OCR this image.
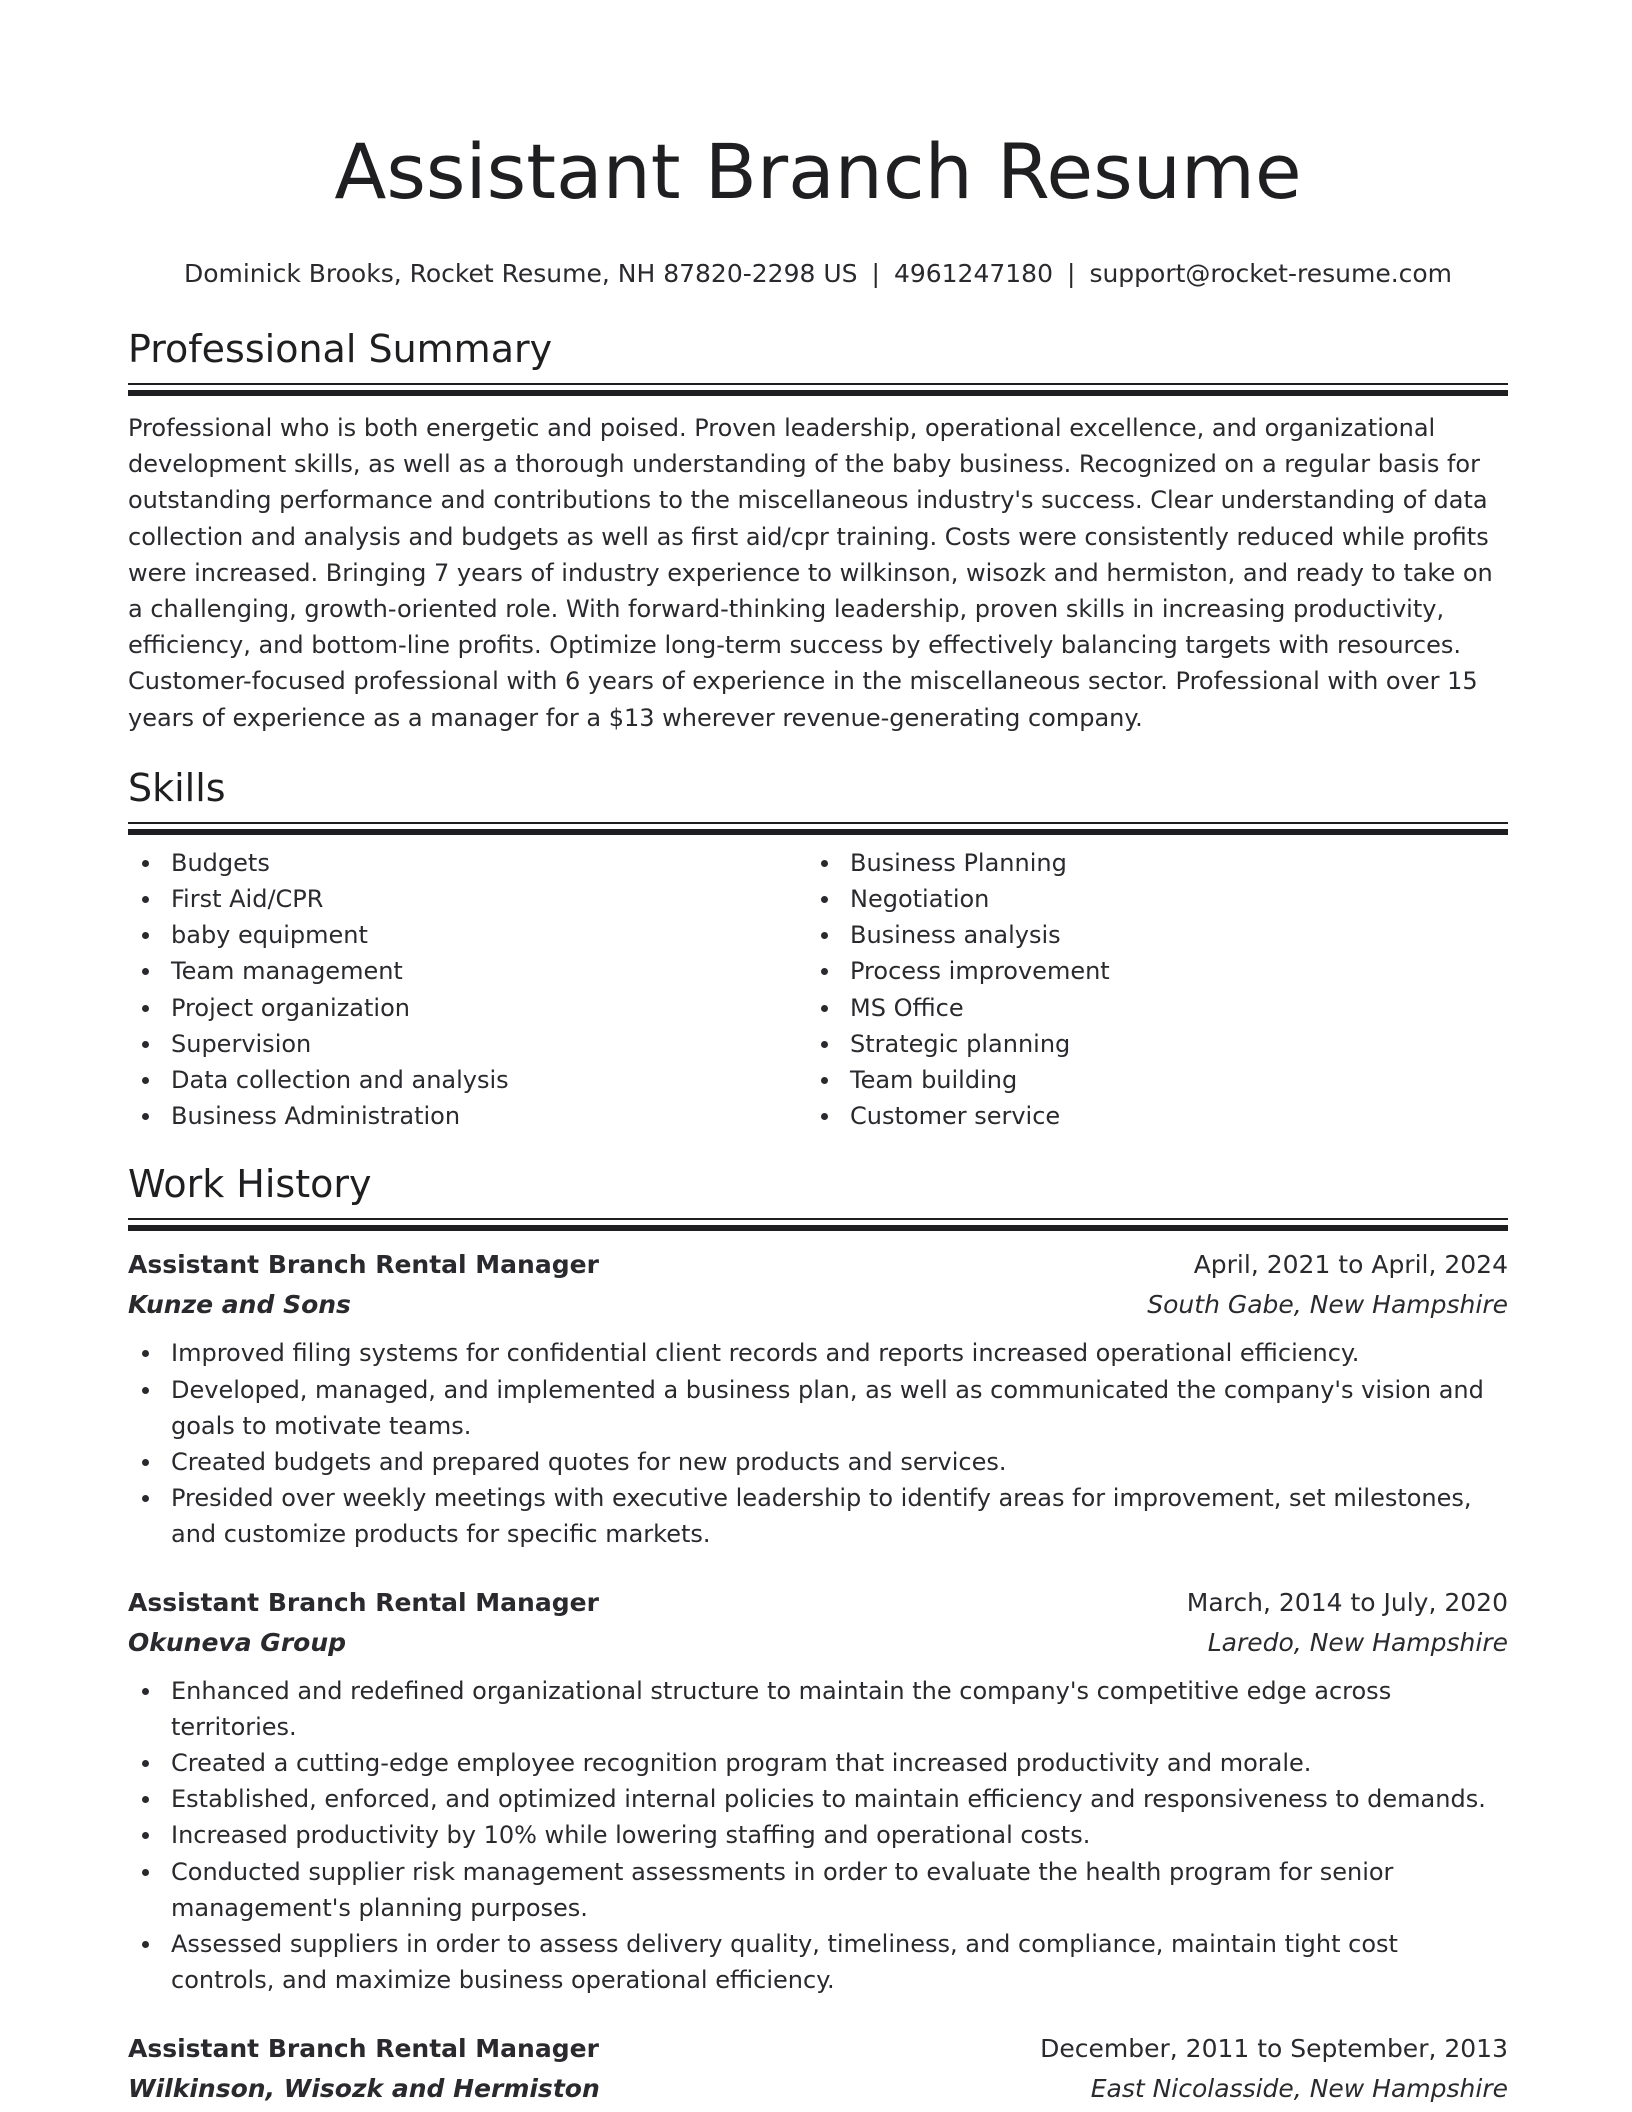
Assistant Branch Resume
Dominick Brooks, Rocket Resume, NH 87820-2298 US | 4961247180 | support@rocket-resume.com
Professional Summary

Professional who is both energetic and poised. Proven leadership, operational excellence, and organizational development skills, as well as a thorough understanding of the baby business. Recognized on a regular basis for outstanding performance and contributions to the miscellaneous industry's success. Clear understanding of data collection and analysis and budgets as well as first aid/cpr training. Costs were consistently reduced while profits were increased. Bringing 7 years of industry experience to wilkinson, wisozk and hermiston, and ready to take on a challenging, growth-oriented role. With forward-thinking leadership, proven skills in increasing productivity, efficiency, and bottom-line profits. Optimize long-term success by effectively balancing targets with resources. Customer-focused professional with 6 years of experience in the miscellaneous sector. Professional with over 15 years of experience as a manager for a $13 wherever revenue-generating company.

Skills
Budgets
First Aid/CPR
baby equipment
Team management
Project organization
Supervision
Data collection and analysis
Business Administration
Business Planning
Negotiation
Business analysis
Process improvement
MS Office
Strategic planning
Team building
Customer service
Work History
Assistant Branch Rental Manager	April, 2021 to April, 2024
Kunze and Sons	South Gabe, New Hampshire
Improved filing systems for confidential client records and reports increased operational efficiency.
Developed, managed, and implemented a business plan, as well as communicated the company's vision and goals to motivate teams.
Created budgets and prepared quotes for new products and services.
Presided over weekly meetings with executive leadership to identify areas for improvement, set milestones, and customize products for specific markets.
Assistant Branch Rental Manager	March, 2014 to July, 2020
Okuneva Group	Laredo, New Hampshire
Enhanced and redefined organizational structure to maintain the company's competitive edge across territories.
Created a cutting-edge employee recognition program that increased productivity and morale.
Established, enforced, and optimized internal policies to maintain efficiency and responsiveness to demands.
Increased productivity by 10% while lowering staffing and operational costs.
Conducted supplier risk management assessments in order to evaluate the health program for senior management's planning purposes.
Assessed suppliers in order to assess delivery quality, timeliness, and compliance, maintain tight cost controls, and maximize business operational efficiency.
Assistant Branch Rental Manager	December, 2011 to September, 2013
Wilkinson, Wisozk and Hermiston	East Nicolasside, New Hampshire
